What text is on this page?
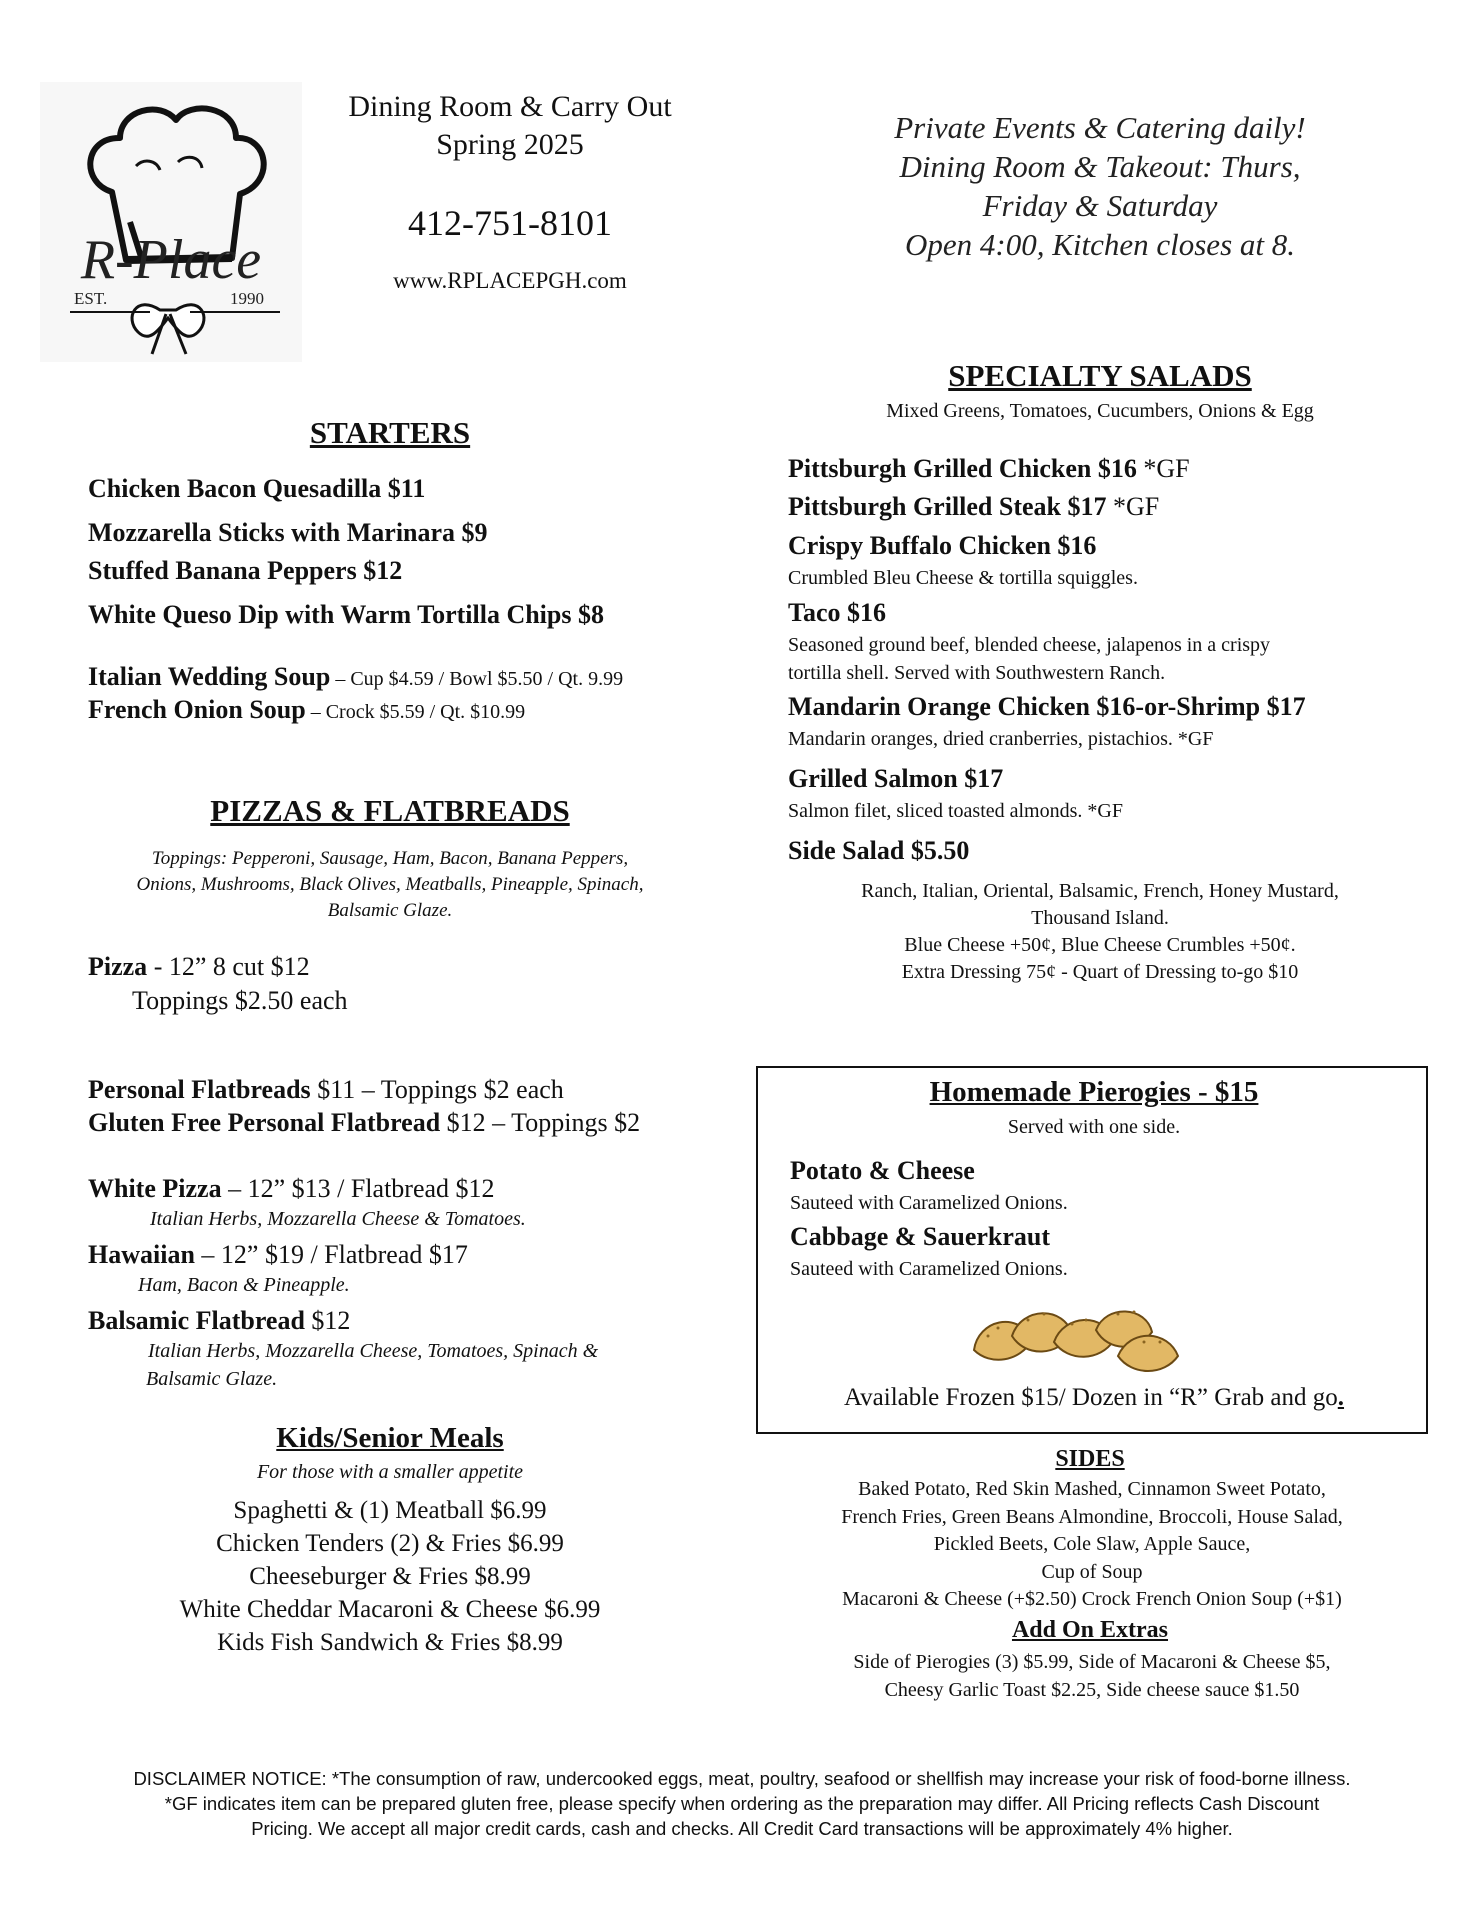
R-Place
EST.	1990
Dining Room & Carry Out
Spring 2025
412-751-8101
www.RPLACEPGH.com
Private Events & Catering daily!
Dining Room & Takeout: Thurs,
Friday & Saturday
Open 4:00, Kitchen closes at 8.
STARTERS
Chicken Bacon Quesadilla $11
Mozzarella Sticks with Marinara $9
Stuffed Banana Peppers $12
White Queso Dip with Warm Tortilla Chips $8
Italian Wedding Soup – Cup $4.59 / Bowl $5.50 / Qt. 9.99
French Onion Soup – Crock $5.59 / Qt. $10.99
PIZZAS & FLATBREADS
Toppings: Pepperoni, Sausage, Ham, Bacon, Banana Peppers,
Onions, Mushrooms, Black Olives, Meatballs, Pineapple, Spinach,
Balsamic Glaze.
Pizza - 12” 8 cut $12
Toppings $2.50 each
Personal Flatbreads $11 – Toppings $2 each
Gluten Free Personal Flatbread $12 – Toppings $2
White Pizza – 12” $13 / Flatbread $12
Italian Herbs, Mozzarella Cheese & Tomatoes.
Hawaiian – 12” $19 / Flatbread $17
Ham, Bacon & Pineapple.
Balsamic Flatbread $12
Italian Herbs, Mozzarella Cheese, Tomatoes, Spinach &
Balsamic Glaze.
Kids/Senior Meals
For those with a smaller appetite
Spaghetti & (1) Meatball $6.99
Chicken Tenders (2) & Fries $6.99
Cheeseburger & Fries $8.99
White Cheddar Macaroni & Cheese $6.99
Kids Fish Sandwich & Fries $8.99
SPECIALTY SALADS
Mixed Greens, Tomatoes, Cucumbers, Onions & Egg
Pittsburgh Grilled Chicken $16 *GF
Pittsburgh Grilled Steak $17 *GF
Crispy Buffalo Chicken $16
Crumbled Bleu Cheese & tortilla squiggles.
Taco $16
Seasoned ground beef, blended cheese, jalapenos in a crispy
tortilla shell. Served with Southwestern Ranch.
Mandarin Orange Chicken $16-or-Shrimp $17
Mandarin oranges, dried cranberries, pistachios. *GF
Grilled Salmon $17
Salmon filet, sliced toasted almonds. *GF
Side Salad $5.50
Ranch, Italian, Oriental, Balsamic, French, Honey Mustard,
Thousand Island.
Blue Cheese +50¢, Blue Cheese Crumbles +50¢.
Extra Dressing 75¢ - Quart of Dressing to-go $10
Homemade Pierogies - $15
Served with one side.
Potato & Cheese
Sauteed with Caramelized Onions.
Cabbage & Sauerkraut
Sauteed with Caramelized Onions.
Available Frozen $15/ Dozen in “R” Grab and go.
SIDES
Baked Potato, Red Skin Mashed, Cinnamon Sweet Potato,
French Fries, Green Beans Almondine, Broccoli, House Salad,
Pickled Beets, Cole Slaw, Apple Sauce,
Cup of Soup
Macaroni & Cheese (+$2.50) Crock French Onion Soup (+$1)
Add On Extras
Side of Pierogies (3) $5.99, Side of Macaroni & Cheese $5,
Cheesy Garlic Toast $2.25, Side cheese sauce $1.50
DISCLAIMER NOTICE: *The consumption of raw, undercooked eggs, meat, poultry, seafood or shellfish may increase your risk of food-borne illness.
*GF indicates item can be prepared gluten free, please specify when ordering as the preparation may differ. All Pricing reflects Cash Discount
Pricing. We accept all major credit cards, cash and checks. All Credit Card transactions will be approximately 4% higher.
